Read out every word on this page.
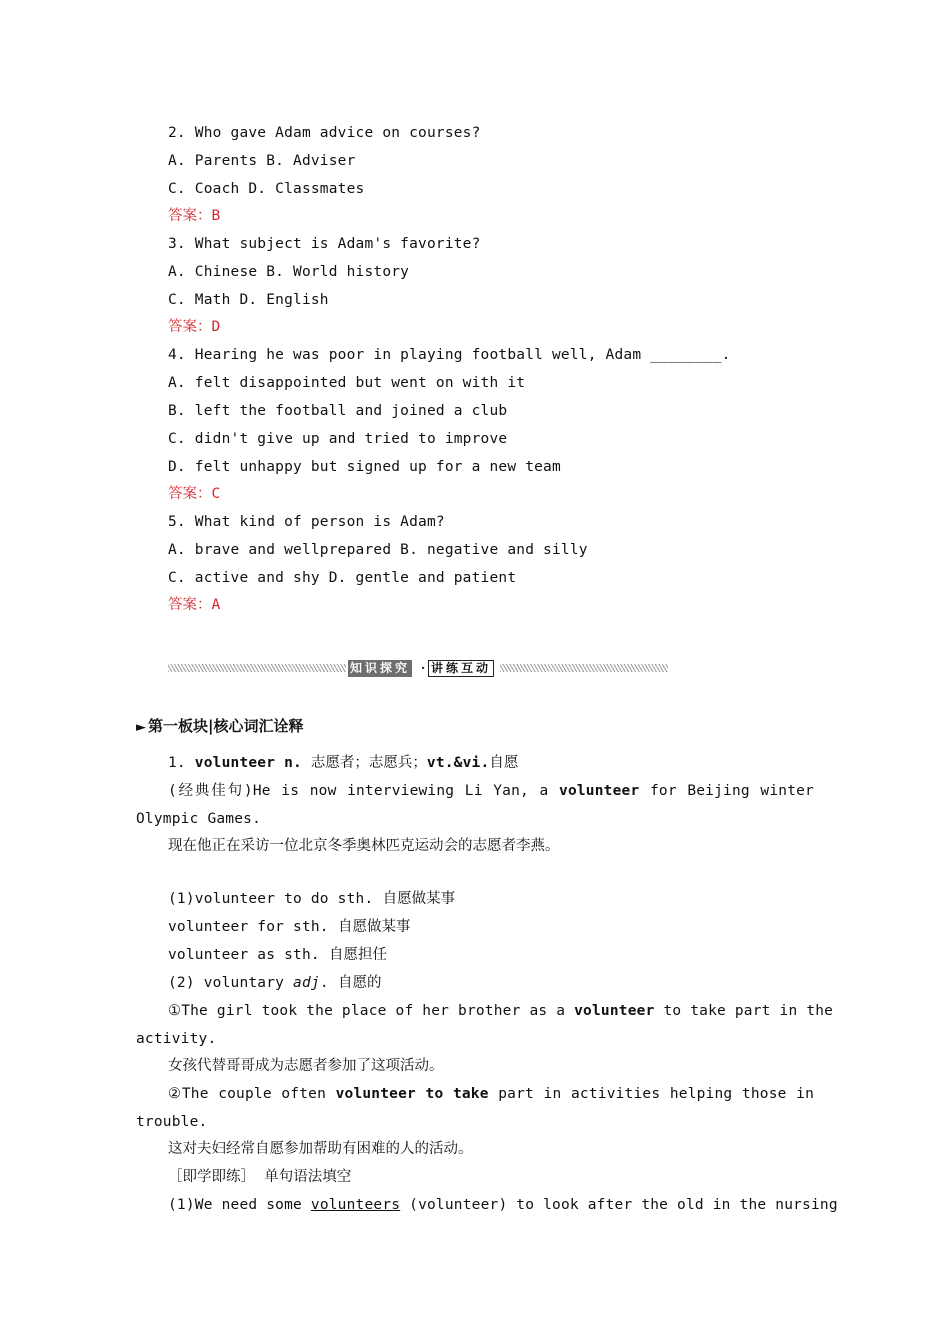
2. Who gave Adam advice on courses?
A. Parents B. Adviser
C. Coach D. Classmates
答案：B
3. What subject is Adam's favorite?
A. Chinese B. World history
C. Math D. English
答案：D
4. Hearing he was poor in playing football well, Adam ________.
A. felt disappointed but went on with it
B. left the football and joined a club
C. didn't give up and tried to improve
D. felt unhappy but signed up for a new team
答案：C
5. What kind of person is Adam?
A. brave and wellprepared B. negative and silly
C. active and shy D. gentle and patient
答案：A
知识探究 · 讲练互动
► 第一板块|核心词汇诠释
1. volunteer n. 志愿者；志愿兵；vt.&vi.自愿
(经典佳句)He is now interviewing Li Yan, a volunteer for Beijing winter
Olympic Games.
现在他正在采访一位北京冬季奥林匹克运动会的志愿者李燕。
(1)volunteer to do sth. 自愿做某事
volunteer for sth. 自愿做某事
volunteer as sth. 自愿担任
(2) voluntary adj. 自愿的
①The girl took the place of her brother as a volunteer to take part in the
activity.
女孩代替哥哥成为志愿者参加了这项活动。
②The couple often volunteer to take part in activities helping those in
trouble.
这对夫妇经常自愿参加帮助有困难的人的活动。
［即学即练］ 单句语法填空
(1)We need some volunteers (volunteer) to look after the old in the nursing
